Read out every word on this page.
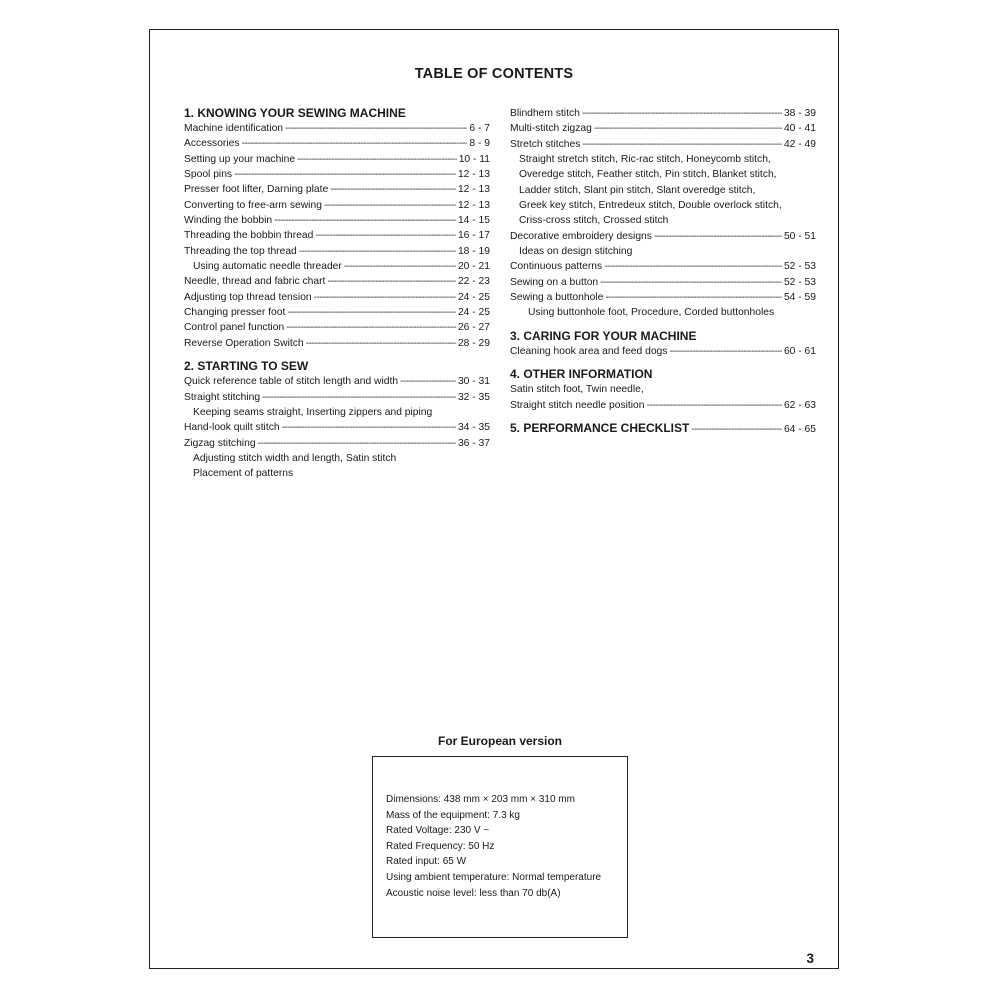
TABLE OF CONTENTS
1. KNOWING YOUR SEWING MACHINE
Machine identification -----	6 - 7
Accessories -----	8 - 9
Setting up your machine -----	10 - 11
Spool pins -----	12 - 13
Presser foot lifter, Darning plate -----	12 - 13
Converting to free-arm sewing -----	12 - 13
Winding the bobbin -----	14 - 15
Threading the bobbin thread -----	16 - 17
Threading the top thread -----	18 - 19
Using automatic needle threader -----	20 - 21
Needle, thread and fabric chart -----	22 - 23
Adjusting top thread tension -----	24 - 25
Changing presser foot -----	24 - 25
Control panel function -----	26 - 27
Reverse Operation Switch -----	28 - 29
2. STARTING TO SEW
Quick reference table of stitch length and width -----	30 - 31
Straight stitching -----	32 - 35
Keeping seams straight, Inserting zippers and piping
Hand-look quilt stitch -----	34 - 35
Zigzag stitching -----	36 - 37
Adjusting stitch width and length, Satin stitch
Placement of patterns
Blindhem stitch -----	38 - 39
Multi-stitch zigzag -----	40 - 41
Stretch stitches -----	42 - 49
Straight stretch stitch, Ric-rac stitch, Honeycomb stitch,
Overedge stitch, Feather stitch, Pin stitch, Blanket stitch,
Ladder stitch, Slant pin stitch, Slant overedge stitch,
Greek key stitch, Entredeux stitch, Double overlock stitch,
Criss-cross stitch, Crossed stitch
Decorative embroidery designs -----	50 - 51
Ideas on design stitching
Continuous patterns -----	52 - 53
Sewing on a button -----	52 - 53
Sewing a buttonhole -----	54 - 59
Using buttonhole foot, Procedure, Corded buttonholes
3. CARING FOR YOUR MACHINE
Cleaning hook area and feed dogs -----	60 - 61
4. OTHER INFORMATION
Satin stitch foot, Twin needle,
Straight stitch needle position -----	62 - 63
5. PERFORMANCE CHECKLIST -----	64 - 65
For European version
Dimensions: 438 mm × 203 mm × 310 mm
Mass of the equipment: 7.3 kg
Rated Voltage: 230 V ~
Rated Frequency: 50 Hz
Rated input: 65 W
Using ambient temperature: Normal temperature
Acoustic noise level: less than 70 db(A)
3
